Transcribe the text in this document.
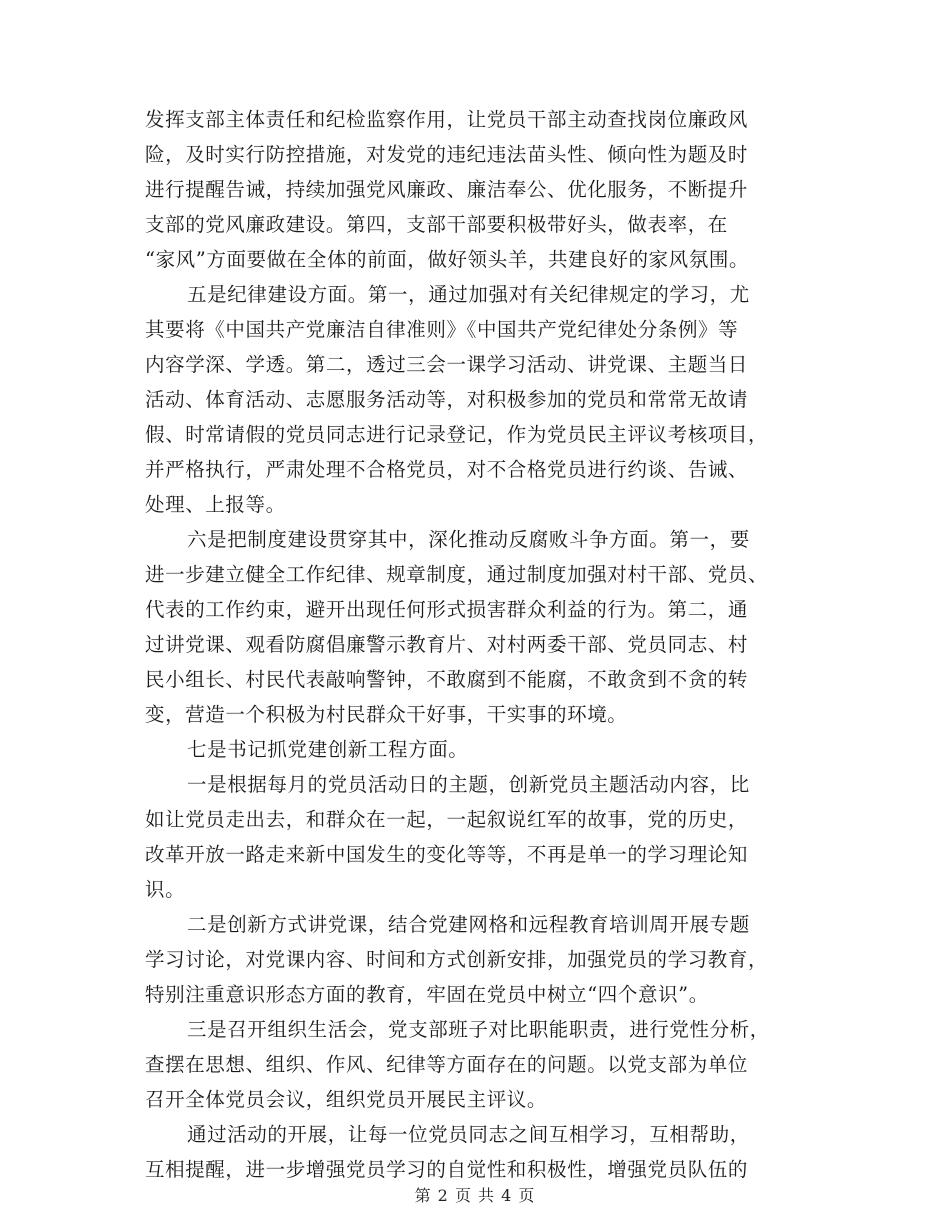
发挥支部主体责任和纪检监察作用，让党员干部主动查找岗位廉政风
险，及时实行防控措施，对发党的违纪违法苗头性、倾向性为题及时
进行提醒告诫，持续加强党风廉政、廉洁奉公、优化服务，不断提升
支部的党风廉政建设。第四，支部干部要积极带好头，做表率，在
“家风”方面要做在全体的前面，做好领头羊，共建良好的家风氛围。
五是纪律建设方面。第一，通过加强对有关纪律规定的学习，尤
其要将《中国共产党廉洁自律准则》《中国共产党纪律处分条例》等
内容学深、学透。第二，透过三会一课学习活动、讲党课、主题当日
活动、体育活动、志愿服务活动等，对积极参加的党员和常常无故请
假、时常请假的党员同志进行记录登记，作为党员民主评议考核项目，
并严格执行，严肃处理不合格党员，对不合格党员进行约谈、告诫、
处理、上报等。
六是把制度建设贯穿其中，深化推动反腐败斗争方面。第一，要
进一步建立健全工作纪律、规章制度，通过制度加强对村干部、党员、
代表的工作约束，避开出现任何形式损害群众利益的行为。第二，通
过讲党课、观看防腐倡廉警示教育片、对村两委干部、党员同志、村
民小组长、村民代表敲响警钟，不敢腐到不能腐，不敢贪到不贪的转
变，营造一个积极为村民群众干好事，干实事的环境。
七是书记抓党建创新工程方面。
一是根据每月的党员活动日的主题，创新党员主题活动内容，比
如让党员走出去，和群众在一起，一起叙说红军的故事，党的历史，
改革开放一路走来新中国发生的变化等等，不再是单一的学习理论知
识。
二是创新方式讲党课，结合党建网格和远程教育培训周开展专题
学习讨论，对党课内容、时间和方式创新安排，加强党员的学习教育，
特别注重意识形态方面的教育，牢固在党员中树立“四个意识”。
三是召开组织生活会，党支部班子对比职能职责，进行党性分析，
查摆在思想、组织、作风、纪律等方面存在的问题。以党支部为单位
召开全体党员会议，组织党员开展民主评议。
通过活动的开展，让每一位党员同志之间互相学习，互相帮助，
互相提醒，进一步增强党员学习的自觉性和积极性，增强党员队伍的
第 2 页 共 4 页
